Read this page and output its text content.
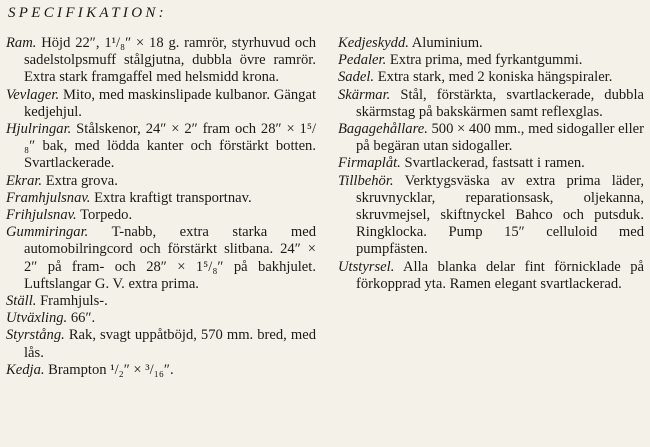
SPECIFIKATION:

Ram. Höjd 22″, 1¹/₈″ × 18 g. ramrör, styrhuvud och sadelstolpsmuff stålgjutna, dubbla övre ramrör. Extra stark framgaffel med helsmidd krona.

Vevlager. Mito, med maskinslipade kulbanor. Gängat kedjehjul.

Hjulringar. Stålskenor, 24″ × 2″ fram och 28″ × 1⁵/₈″ bak, med lödda kanter och förstärkt botten. Svartlackerade.

Ekrar. Extra grova.

Framhjulsnav. Extra kraftigt transportnav.

Frihjulsnav. Torpedo.

Gummiringar. T-nabb, extra starka med automobilringcord och förstärkt slitbana. 24″ × 2″ på fram- och 28″ × 1⁵/₈″ på bakhjulet. Luftslangar G. V. extra prima.

Ställ. Framhjuls-.

Utväxling. 66″.

Styrstång. Rak, svagt uppåtböjd, 570 mm. bred, med lås.

Kedja. Brampton ¹/₂″ × ³/₁₆″.

Kedjeskydd. Aluminium.

Pedaler. Extra prima, med fyrkantgummi.

Sadel. Extra stark, med 2 koniska hängspiraler.

Skärmar. Stål, förstärkta, svartlackerade, dubbla skärmstag på bakskärmen samt reflexglas.

Bagagehållare. 500 × 400 mm., med sidogaller eller på begäran utan sidogaller.

Firmaplåt. Svartlackerad, fastsatt i ramen.

Tillbehör. Verktygsväska av extra prima läder, skruvnycklar, reparationsask, oljekanna, skruvmejsel, skiftnyckel Bahco och putsduk. Ringklocka. Pump 15″ celluloid med pumpfästen.

Utstyrsel. Alla blanka delar fint förnicklade på förkopprad yta. Ramen elegant svartlackerad.
